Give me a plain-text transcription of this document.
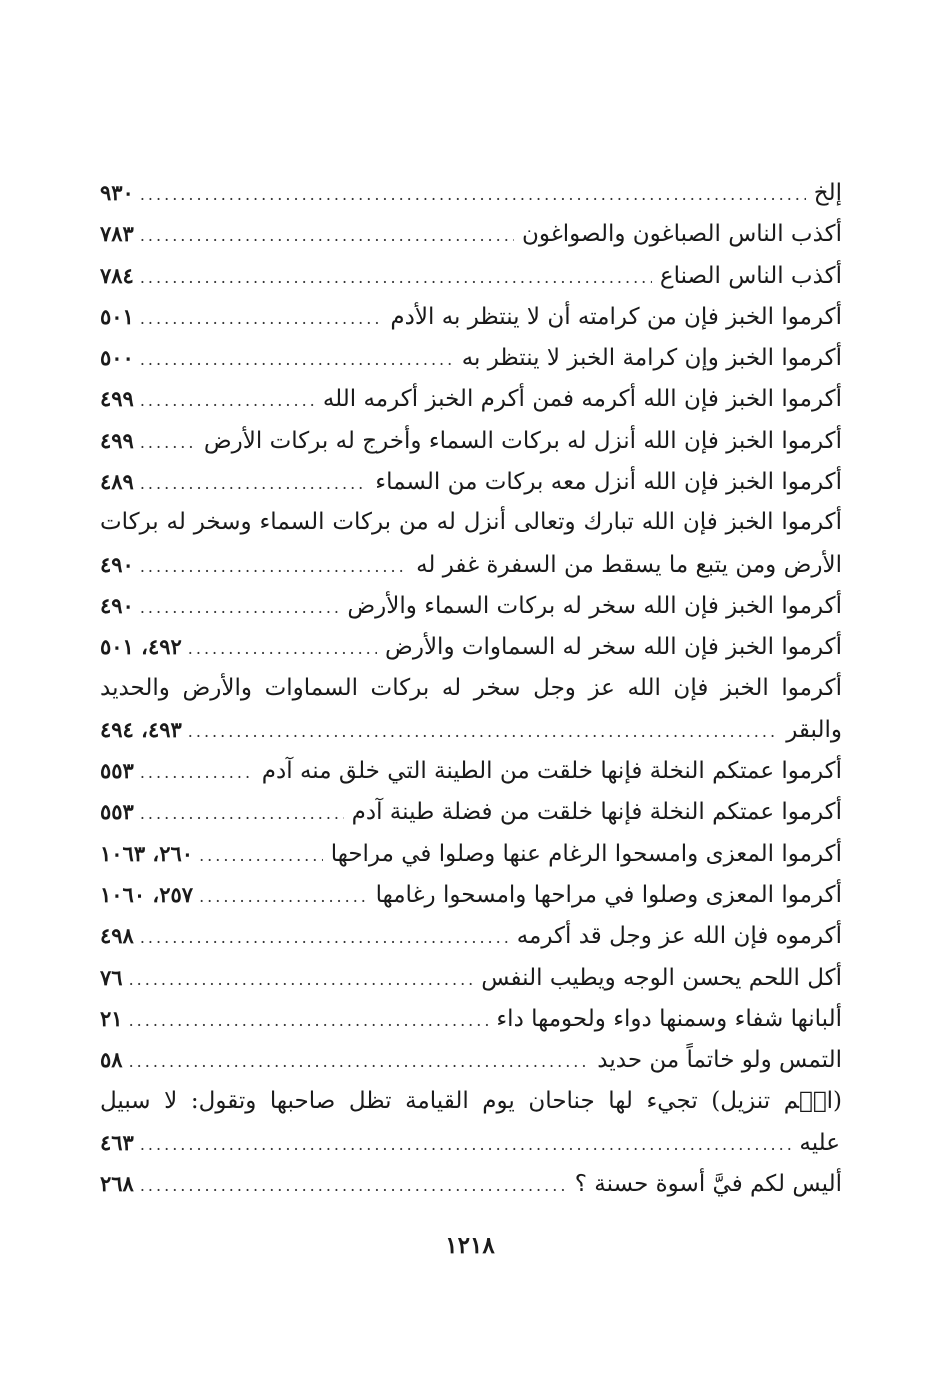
إلخ
.....
٩٣٠
أكذب الناس الصباغون والصواغون
.....
٧٨٣
أكذب الناس الصناع
.....
٧٨٤
أكرموا الخبز فإن من كرامته أن لا ينتظر به الأدم
.....
٥٠١
أكرموا الخبز وإن كرامة الخبز لا ينتظر به
.....
٥٠٠
أكرموا الخبز فإن الله أكرمه فمن أكرم الخبز أكرمه الله
.....
٤٩٩
أكرموا الخبز فإن الله أنزل له بركات السماء وأخرج له بركات الأرض
.....
٤٩٩
أكرموا الخبز فإن الله أنزل معه بركات من السماء
.....
٤٨٩
أكرموا الخبز فإن الله تبارك وتعالى أنزل له من بركات السماء وسخر له بركات
الأرض ومن يتبع ما يسقط من السفرة غفر له
.....
٤٩٠
أكرموا الخبز فإن الله سخر له بركات السماء والأرض
.....
٤٩٠
أكرموا الخبز فإن الله سخر له السماوات والأرض
.....
٤٩٢، ٥٠١
أكرموا الخبز فإن الله عز وجل سخر له بركات السماوات والأرض والحديد
والبقر
.....
٤٩٣، ٤٩٤
أكرموا عمتكم النخلة فإنها خلقت من الطينة التي خلق منه آدم
.....
٥٥٣
أكرموا عمتكم النخلة فإنها خلقت من فضلة طينة آدم
.....
٥٥٣
أكرموا المعزى وامسحوا الرغام عنها وصلوا في مراحها
.....
٢٦٠، ١٠٦٣
أكرموا المعزى وصلوا في مراحها وامسحوا رغامها
.....
٢٥٧، ١٠٦٠
أكرموه فإن الله عز وجل قد أكرمه
.....
٤٩٨
أكل اللحم يحسن الوجه ويطيب النفس
.....
٧٦
ألبانها شفاء وسمنها دواء ولحومها داء
.....
٢١
التمس ولو خاتماً من حديد
.....
٥٨
(الۤم تنزيل) تجيء لها جناحان يوم القيامة تظل صاحبها وتقول: لا سبيل
عليه
.....
٤٦٣
أليس لكم فيَّ أسوة حسنة ؟
.....
٢٦٨
١٢١٨
